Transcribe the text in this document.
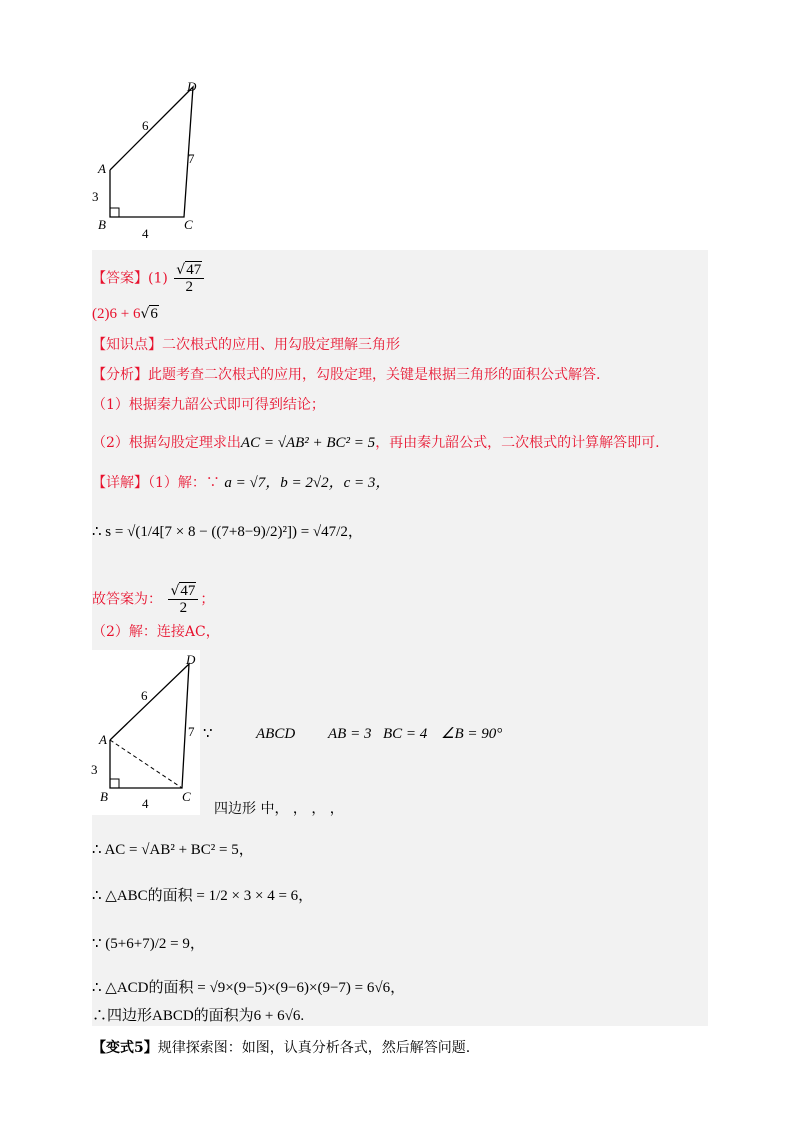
D
A
B	C
3
4
7
6
【答案】$(1) \frac{√47}{2}$
(2)6 + 6√6
【知识点】二次根式的应用、用勾股定理解三角形
【分析】此题考查二次根式的应用，勾股定理，关键是根据三角形的面积公式解答.
（1）根据秦九韶公式即可得到结论；
（2）根据勾股定理求出AC = √AB² + BC² = 5，再由秦九韶公式，二次根式的计算解答即可.
【详解】（1）解：∵ a = √7，b = 2√2，c = 3，
∴ s = √(1/4[7 × 8 − ((7+8−9)/2)²]) = √47/2，
故答案为： $\frac{√47}{2}$ ；
（2）解：连接AC，
D
A
B	C
3
4
7
6
∵	ABCD AB = 3 BC = 4 ∠B = 90°
四边形 中， ， ， ，
∴ AC = √AB² + BC² = 5，
∴ △ABC的面积 = 1/2 × 3 × 4 = 6，
∵ (5+6+7)/2 = 9，
∴ △ACD的面积 = √9×(9−5)×(9−6)×(9−7) = 6√6，
∴四边形ABCD的面积为6 + 6√6.
【变式5】规律探索图：如图，认真分析各式，然后解答问题.
